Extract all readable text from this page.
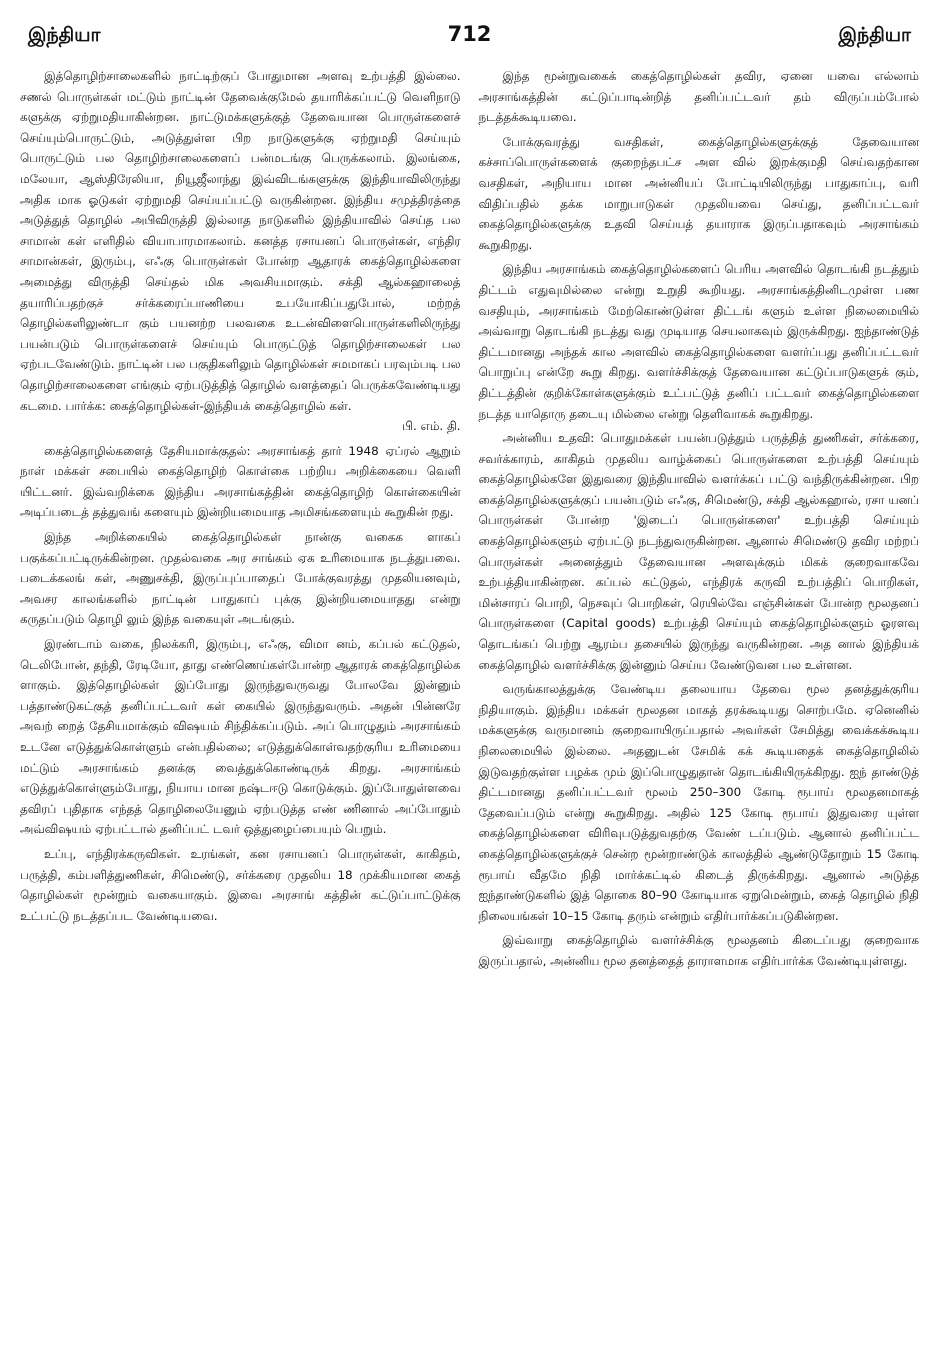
இந்தியா	712	இந்தியா

இத்தொழிற்சாலைகளில் நாட்டிற்குப் போதுமான அளவு உற்பத்தி இல்லை. சணல் பொருள்கள் மட்டும் நாட்டின் தேவைக்குமேல் தயாரிக்கப்பட்டு வெளிநாடு களுக்கு ஏற்றுமதியாகின்றன. நாட்டுமக்களுக்குத் தேவையான பொருள்களைச் செய்யும்பொருட்டும், அடுத்துள்ள பிற நாடுகளுக்கு ஏற்றுமதி செய்யும் பொருட்டும் பல தொழிற்சாலைகளைப் பன்மடங்கு பெருக்கலாம். இலங்கை, மலேயா, ஆஸ்திரேலியா, நியூஜீலாந்து இவ்விடங்களுக்கு இந்தியாவிலிருந்து அதிக மாக ஓடுகள் ஏற்றுமதி செய்யப்பட்டு வருகின்றன. இந்திய சமுத்திரத்தை அடுத்துத் தொழில் அபிவிருத்தி இல்லாத நாடுகளில் இந்தியாவில் செய்த பல சாமான் கள் எளிதில் வியாபாரமாகலாம். கனத்த ரசாயனப் பொருள்கள், எந்திர சாமான்கள், இரும்பு, எஃகு பொருள்கள் போன்ற ஆதாரக் கைத்தொழில்களை அமைத்து விருத்தி செய்தல் மிக அவசியமாகும். சக்தி ஆல்கஹாலைத் தயாரிப்பதற்குச் சர்க்கரைப்பாணியை உபயோகிப்பதுபோல், மற்றத் தொழில்களிலுண்டா கும் பயனற்ற பலவகை உடன்விளைபொருள்களிலிருந்து பயன்படும் பொருள்களைச் செய்யும் பொருட்டுத் தொழிற்சாலைகள் பல ஏற்படவேண்டும். நாட்டின் பல பகுதிகளிலும் தொழில்கள் சமமாகப் பரவும்படி பல தொழிற்சாலைகளை எங்கும் ஏற்படுத்தித் தொழில் வளத்தைப் பெருக்கவேண்டியது கடமை. பார்க்க: கைத்தொழில்கள்-இந்தியக் கைத்தொழில் கள்.

பி. எம். தி.

கைத்தொழில்களைத் தேசியமாக்குதல்: அரசாங்கத் தார் 1948 ஏப்ரல் ஆறும் நாள் மக்கள் சபையில் கைத்தொழிற் கொள்கை பற்றிய அறிக்கையை வெளி யிட்டனர். இவ்வறிக்கை இந்திய அரசாங்கத்தின் கைத்தொழிற் கொள்கையின் அடிப்படைத் தத்துவங் களையும் இன்றியமையாத அமிசங்களையும் கூறுகின் றது.

இந்த அறிக்கையில் கைத்தொழில்கள் நான்கு வகைக ளாகப் பகுக்கப்பட்டிருக்கின்றன. முதல்வகை அர சாங்கம் ஏக உரிமையாக நடத்துபவை. படைக்கலங் கள், அணுசக்தி, இருப்புப்பாதைப் போக்குவரத்து முதலியனவும், அவசர காலங்களில் நாட்டின் பாதுகாப் புக்கு இன்றியமையாதது என்று கருதப்படும் தொழி லும் இந்த வகையுள் அடங்கும்.

இரண்டாம் வகை, நிலக்கரி, இரும்பு, எஃகு, விமா னம், கப்பல் கட்டுதல், டெலிபோன், தந்தி, ரேடியோ, தாது எண்ணெய்கள்போன்ற ஆதாரக் கைத்தொழில்க ளாகும். இத்தொழில்கள் இப்போது இருந்துவருவது போலவே இன்னும் பத்தாண்டுகட்குத் தனிப்பட்டவர் கள் கையில் இருந்துவரும். அதன் பின்னரே அவற் றைத் தேசியமாக்கும் விஷயம் சிந்திக்கப்படும். அப் பொழுதும் அரசாங்கம் உடனே எடுத்துக்கொள்ளும் என்பதில்லை; எடுத்துக்கொள்வதற்குரிய உரிமையை மட்டும் அரசாங்கம் தனக்கு வைத்துக்கொண்டிருக் கிறது. அரசாங்கம் எடுத்துக்கொள்ளும்போது, நியாய மான நஷ்டஈடு கொடுக்கும். இப்போதுள்ளவை தவிரப் புதிதாக எந்தத் தொழிலையேனும் ஏற்படுத்த எண் ணினால் அப்போதும் அவ்விஷயம் ஏற்பட்டால் தனிப்பட் டவர் ஒத்துழைப்பையும் பெறும்.

உப்பு, எந்திரக்கருவிகள். உரங்கள், கன ரசாயனப் பொருள்கள், காகிதம், பருத்தி, கம்பளித்துணிகள், சிமெண்டு, சர்க்கரை முதலிய 18 முக்கியமான கைத் தொழில்கள் மூன்றும் வகையாகும். இவை அரசாங் கத்தின் கட்டுப்பாட்டுக்கு உட்பட்டு நடத்தப்பட வேண்டியவை.

இந்த மூன்றுவகைக் கைத்தொழில்கள் தவிர, ஏனை யவை எல்லாம் அரசாங்கத்தின் கட்டுப்பாடின்றித் தனிப்பட்டவர் தம் விருப்பம்போல் நடத்தக்கூடியவை.

போக்குவரத்து வசதிகள், கைத்தொழில்களுக்குத் தேவையான கச்சாப்பொருள்களைக் குறைந்தபட்ச அள வில் இறக்குமதி செய்வதற்கான வசதிகள், அநியாய மான அன்னியப் போட்டியிலிருந்து பாதுகாப்பு, வரி விதிப்பதில் தக்க மாறுபாடுகள் முதலியவை செய்து, தனிப்பட்டவர் கைத்தொழில்களுக்கு உதவி செய்யத் தயாராக இருப்பதாகவும் அரசாங்கம் கூறுகிறது.

இந்திய அரசாங்கம் கைத்தொழில்களைப் பெரிய அளவில் தொடங்கி நடத்தும் திட்டம் எதுவுமில்லை என்று உறுதி கூறியது. அரசாங்கத்தினிடமுள்ள பண வசதியும், அரசாங்கம் மேற்கொண்டுள்ள திட்டங் களும் உள்ள நிலைமையில் அவ்வாறு தொடங்கி நடத்து வது முடியாத செயலாகவும் இருக்கிறது. ஐந்தாண்டுத் திட்டமானது அந்தக் கால அளவில் கைத்தொழில்களை வளர்ப்பது தனிப்பட்டவர் பொறுப்பு என்றே கூறு கிறது. வளர்ச்சிக்குத் தேவையான கட்டுப்பாடுகளுக் கும், திட்டத்தின் குறிக்கோள்களுக்கும் உட்பட்டுத் தனிப் பட்டவர் கைத்தொழில்களை நடத்த யாதொரு தடையு மில்லை என்று தெளிவாகக் கூறுகிறது.

அன்னிய உதவி: பொதுமக்கள் பயன்படுத்தும் பருத்தித் துணிகள், சர்க்கரை, சவர்க்காரம், காகிதம் முதலிய வாழ்க்கைப் பொருள்களை உற்பத்தி செய்யும் கைத்தொழில்களே இதுவரை இந்தியாவில் வளர்க்கப் பட்டு வந்திருக்கின்றன. பிற கைத்தொழில்களுக்குப் பயன்படும் எஃகு, சிமெண்டு, சக்தி ஆல்கஹால், ரசா யனப் பொருள்கள் போன்ற 'இடைப் பொருள்களை' உற்பத்தி செய்யும் கைத்தொழில்களும் ஏற்பட்டு நடந்துவருகின்றன. ஆனால் சிமெண்டு தவிர மற்றப் பொருள்கள் அனைத்தும் தேவையான அளவுக்கும் மிகக் குறைவாகவே உற்பத்தியாகின்றன. கப்பல் கட்டுதல், எந்திரக் கருவி உற்பத்திப் பொறிகள், மின்சாரப் பொறி, நெசவுப் பொறிகள், ரெயில்வே எஞ்சின்கள் போன்ற மூலதனப் பொருள்களை (Capital goods) உற்பத்தி செய்யும் கைத்தொழில்களும் ஓரளவு தொடங்கப் பெற்று ஆரம்ப தசையில் இருந்து வருகின்றன. அத னால் இந்தியக் கைத்தொழில் வளர்ச்சிக்கு இன்னும் செய்ய வேண்டுவன பல உள்ளன.

வருங்காலத்துக்கு வேண்டிய தலையாய தேவை மூல தனத்துக்குரிய நிதியாகும். இந்திய மக்கள் மூலதன மாகத் தரக்கூடியது சொற்பமே. ஏனெனில் மக்களுக்கு வருமானம் குறைவாயிருப்பதால் அவர்கள் சேமித்து வைக்கக்கூடிய நிலைமையில் இல்லை. அதனுடன் சேமிக் கக் கூடியதைக் கைத்தொழிலில் இடுவதற்குள்ள பழக்க மும் இப்பொழுதுதான் தொடங்கியிருக்கிறது. ஐந் தாண்டுத் திட்டமானது தனிப்பட்டவர் மூலம் 250–300 கோடி ரூபாய் மூலதனமாகத் தேவைப்படும் என்று கூறுகிறது. அதில் 125 கோடி ரூபாய் இதுவரை யுள்ள கைத்தொழில்களை விரிவுபடுத்துவதற்கு வேண் டப்படும். ஆனால் தனிப்பட்ட கைத்தொழில்களுக்குச் சென்ற மூன்றாண்டுக் காலத்தில் ஆண்டுதோறும் 15 கோடி ரூபாய் வீதமே நிதி மார்க்கட்டில் கிடைத் திருக்கிறது. ஆனால் அடுத்த ஐந்தாண்டுகளில் இத் தொகை 80–90 கோடியாக ஏறுமென்றும், கைத் தொழில் நிதி நிலையங்கள் 10–15 கோடி தரும் என்றும் எதிர்பார்க்கப்படுகின்றன.

இவ்வாறு கைத்தொழில் வளர்ச்சிக்கு மூலதனம் கிடைப்பது குறைவாக இருப்பதால், அன்னிய மூல தனத்தைத் தாராளமாக எதிர்பார்க்க வேண்டியுள்ளது.
